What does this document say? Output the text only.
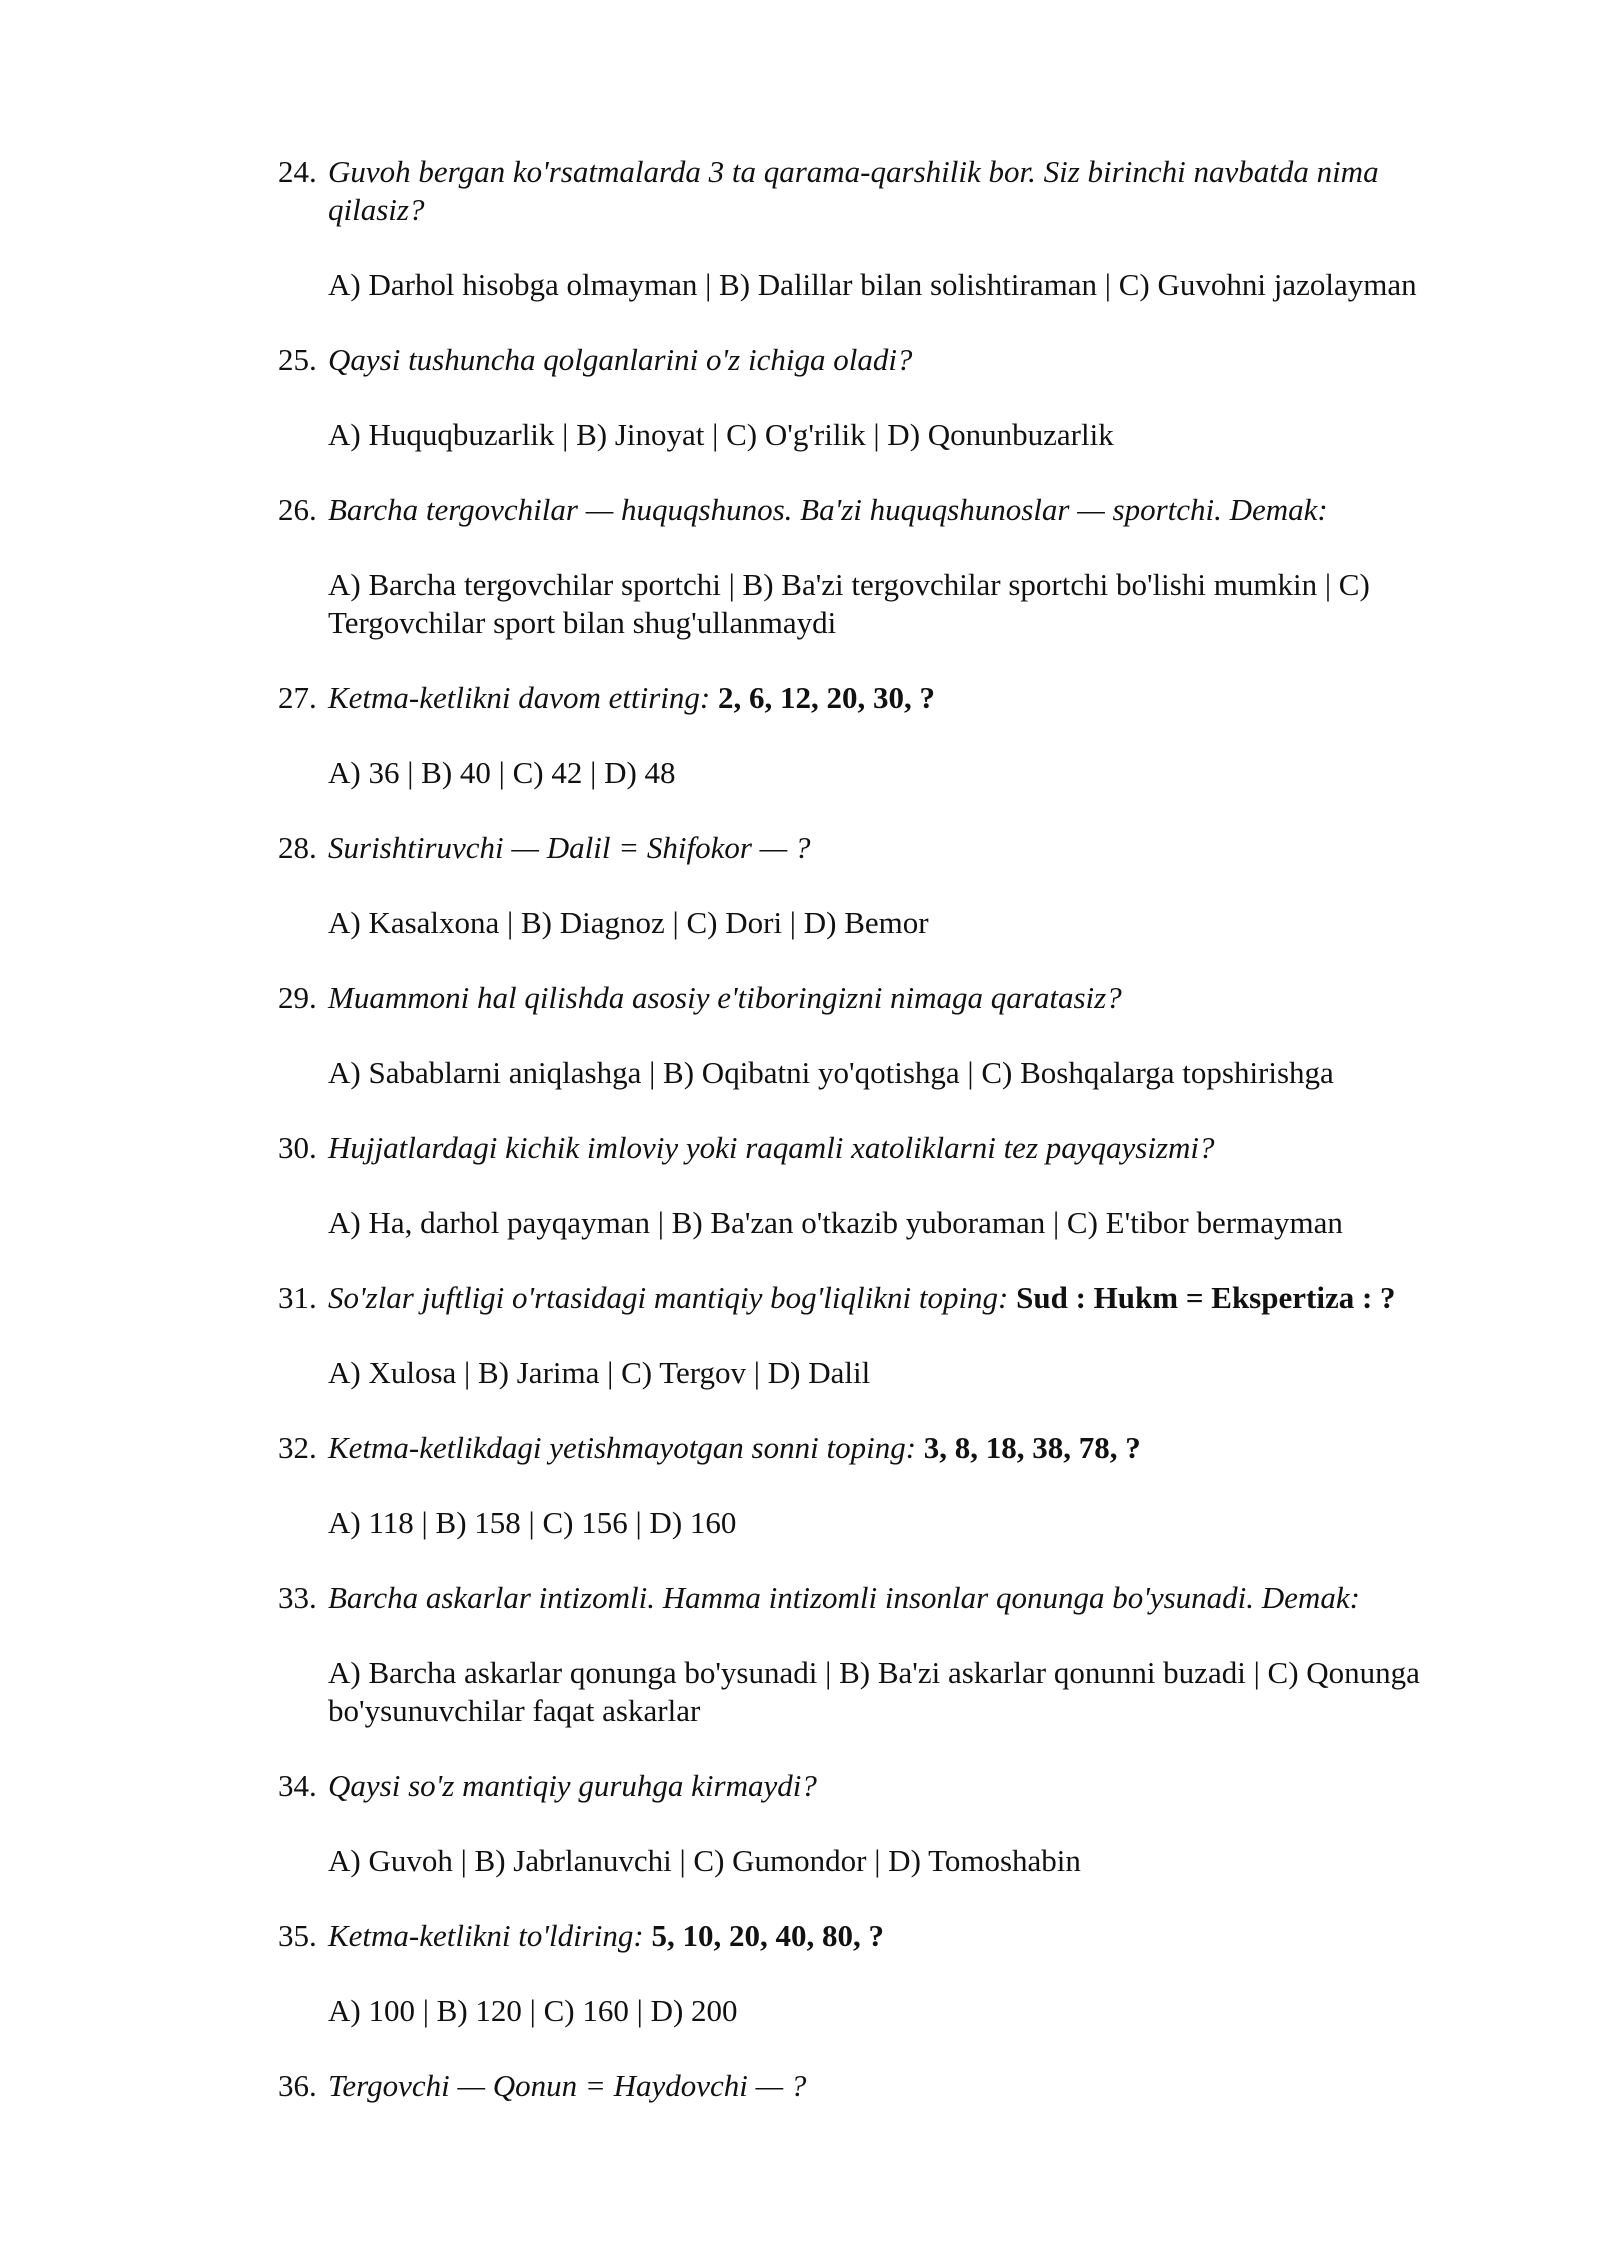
24. Guvoh bergan ko'rsatmalarda 3 ta qarama-qarshilik bor. Siz birinchi navbatda nima qilasiz?
A) Darhol hisobga olmayman | B) Dalillar bilan solishtiraman | C) Guvohni jazolayman
25. Qaysi tushuncha qolganlarini o'z ichiga oladi?
A) Huquqbuzarlik | B) Jinoyat | C) O'g'rilik | D) Qonunbuzarlik
26. Barcha tergovchilar — huquqshunos. Ba'zi huquqshunoslar — sportchi. Demak:
A) Barcha tergovchilar sportchi | B) Ba'zi tergovchilar sportchi bo'lishi mumkin | C) Tergovchilar sport bilan shug'ullanmaydi
27. Ketma-ketlikni davom ettiring: 2, 6, 12, 20, 30, ?
A) 36 | B) 40 | C) 42 | D) 48
28. Surishtiruvchi — Dalil = Shifokor — ?
A) Kasalxona | B) Diagnoz | C) Dori | D) Bemor
29. Muammoni hal qilishda asosiy e'tiboringizni nimaga qaratasiz?
A) Sabablarni aniqlashga | B) Oqibatni yo'qotishga | C) Boshqalarga topshirishga
30. Hujjatlardagi kichik imloviy yoki raqamli xatoliklarni tez payqaysizmi?
A) Ha, darhol payqayman | B) Ba'zan o'tkazib yuboraman | C) E'tibor bermayman
31. So'zlar juftligi o'rtasidagi mantiqiy bog'liqlikni toping: Sud : Hukm = Ekspertiza : ?
A) Xulosa | B) Jarima | C) Tergov | D) Dalil
32. Ketma-ketlikdagi yetishmayotgan sonni toping: 3, 8, 18, 38, 78, ?
A) 118 | B) 158 | C) 156 | D) 160
33. Barcha askarlar intizomli. Hamma intizomli insonlar qonunga bo'ysunadi. Demak:
A) Barcha askarlar qonunga bo'ysunadi | B) Ba'zi askarlar qonunni buzadi | C) Qonunga bo'ysunuvchilar faqat askarlar
34. Qaysi so'z mantiqiy guruhga kirmaydi?
A) Guvoh | B) Jabrlanuvchi | C) Gumondor | D) Tomoshabin
35. Ketma-ketlikni to'ldiring: 5, 10, 20, 40, 80, ?
A) 100 | B) 120 | C) 160 | D) 200
36. Tergovchi — Qonun = Haydovchi — ?
